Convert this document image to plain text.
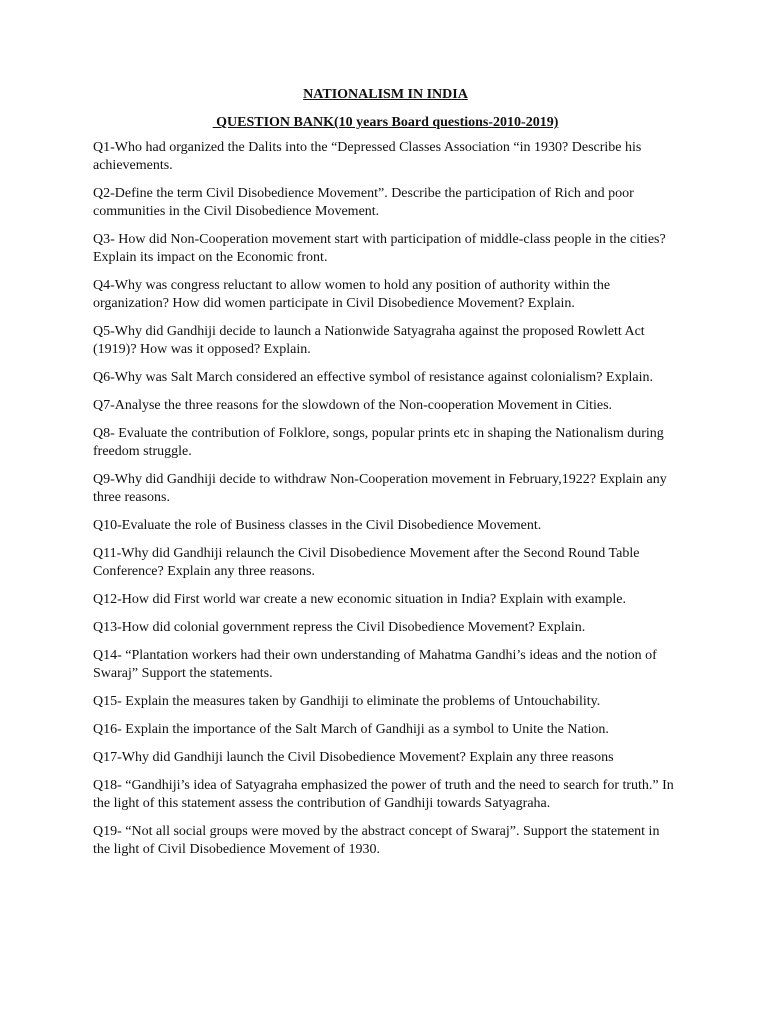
NATIONALISM IN INDIA

QUESTION BANK(10 years Board questions-2010-2019)

Q1-Who had organized the Dalits into the “Depressed Classes Association “in 1930? Describe his achievements.

Q2-Define the term Civil Disobedience Movement”. Describe the participation of Rich and poor communities in the Civil Disobedience Movement.

Q3- How did Non-Cooperation movement start with participation of middle-class people in the cities? Explain its impact on the Economic front.

Q4-Why was congress reluctant to allow women to hold any position of authority within the organization? How did women participate in Civil Disobedience Movement? Explain.

Q5-Why did Gandhiji decide to launch a Nationwide Satyagraha against the proposed Rowlett Act (1919)? How was it opposed? Explain.

Q6-Why was Salt March considered an effective symbol of resistance against colonialism? Explain.

Q7-Analyse the three reasons for the slowdown of the Non-cooperation Movement in Cities.

Q8- Evaluate the contribution of Folklore, songs, popular prints etc in shaping the Nationalism during freedom struggle.

Q9-Why did Gandhiji decide to withdraw Non-Cooperation movement in February,1922? Explain any three reasons.

Q10-Evaluate the role of Business classes in the Civil Disobedience Movement.

Q11-Why did Gandhiji relaunch the Civil Disobedience Movement after the Second Round Table Conference? Explain any three reasons.

Q12-How did First world war create a new economic situation in India? Explain with example.

Q13-How did colonial government repress the Civil Disobedience Movement? Explain.

Q14- “Plantation workers had their own understanding of Mahatma Gandhi’s ideas and the notion of Swaraj” Support the statements.

Q15- Explain the measures taken by Gandhiji to eliminate the problems of Untouchability.

Q16- Explain the importance of the Salt March of Gandhiji as a symbol to Unite the Nation.

Q17-Why did Gandhiji launch the Civil Disobedience Movement? Explain any three reasons

Q18- “Gandhiji’s idea of Satyagraha emphasized the power of truth and the need to search for truth.” In the light of this statement assess the contribution of Gandhiji towards Satyagraha.

Q19- “Not all social groups were moved by the abstract concept of Swaraj”. Support the statement in the light of Civil Disobedience Movement of 1930.
